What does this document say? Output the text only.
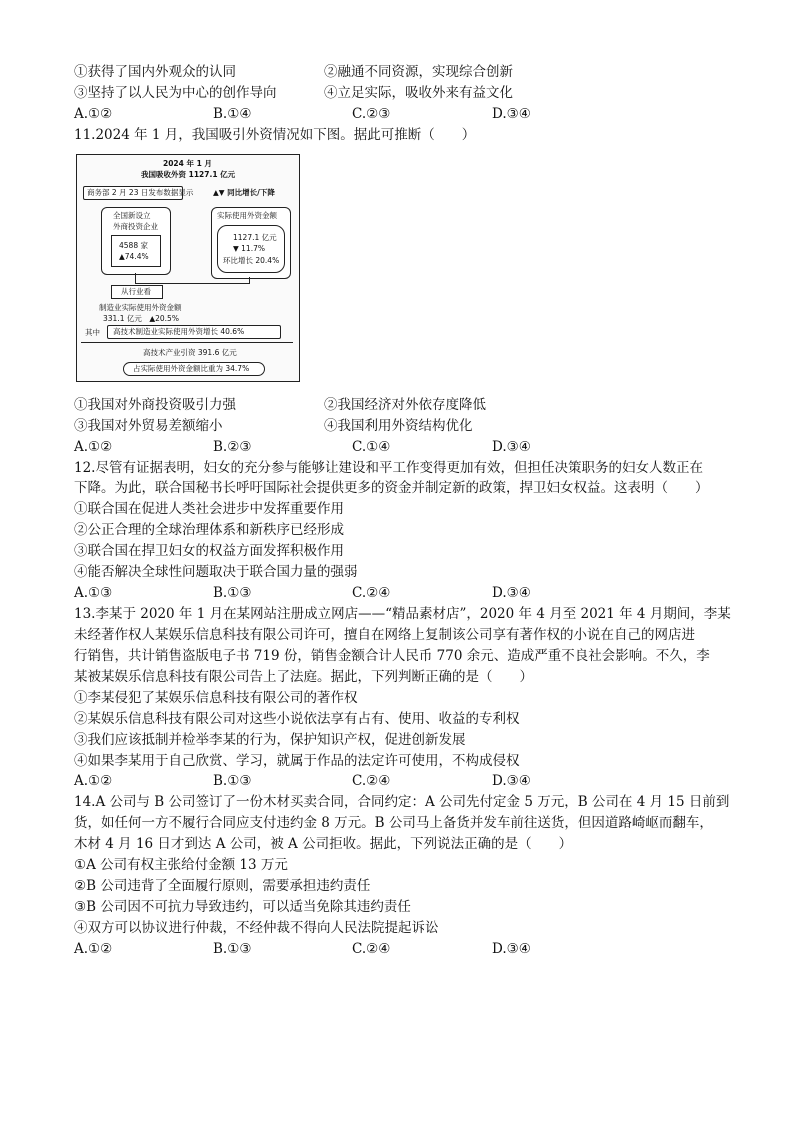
①获得了国内外观众的认同	②融通不同资源，实现综合创新
③坚持了以人民为中心的创作导向	④立足实际，吸收外来有益文化
A.①②	B.①④	C.②③	D.③④
11.2024 年 1 月，我国吸引外资情况如下图。据此可推断（　　）
2024 年 1 月
我国吸收外资 1127.1 亿元
商务部 2 月 23 日发布数据显示	▲▼ 同比增长/下降
全国新设立
外商投资企业
4588 家
▲74.4%
实际使用外资金额
1127.1 亿元
▼ 11.7%
环比增长 20.4%
从行业看
制造业实际使用外资金额
331.1 亿元　▲20.5%
其中 高技术制造业实际使用外资增长 40.6%
高技术产业引资 391.6 亿元
占实际使用外资金额比重为 34.7%
①我国对外商投资吸引力强	②我国经济对外依存度降低
③我国对外贸易差额缩小	④我国利用外资结构优化
A.①②	B.②③	C.①④	D.③④
12.尽管有证据表明，妇女的充分参与能够让建设和平工作变得更加有效，但担任决策职务的妇女人数正在
下降。为此，联合国秘书长呼吁国际社会提供更多的资金并制定新的政策，捍卫妇女权益。这表明（　　）
①联合国在促进人类社会进步中发挥重要作用
②公正合理的全球治理体系和新秩序已经形成
③联合国在捍卫妇女的权益方面发挥积极作用
④能否解决全球性问题取决于联合国力量的强弱
A.①③	B.①③	C.②④	D.③④
13.李某于 2020 年 1 月在某网站注册成立网店——“精品素材店”，2020 年 4 月至 2021 年 4 月期间，李某
未经著作权人某娱乐信息科技有限公司许可，擅自在网络上复制该公司享有著作权的小说在自己的网店进
行销售，共计销售盗版电子书 719 份，销售金额合计人民币 770 余元、造成严重不良社会影响。不久，李
某被某娱乐信息科技有限公司告上了法庭。据此，下列判断正确的是（　　）
①李某侵犯了某娱乐信息科技有限公司的著作权
②某娱乐信息科技有限公司对这些小说依法享有占有、使用、收益的专利权
③我们应该抵制并检举李某的行为，保护知识产权，促进创新发展
④如果李某用于自己欣赏、学习，就属于作品的法定许可使用，不构成侵权
A.①②	B.①③	C.②④	D.③④
14.A 公司与 B 公司签订了一份木材买卖合同，合同约定：A 公司先付定金 5 万元，B 公司在 4 月 15 日前到
货，如任何一方不履行合同应支付违约金 8 万元。B 公司马上备货并发车前往送货，但因道路崎岖而翻车，
木材 4 月 16 日才到达 A 公司，被 A 公司拒收。据此，下列说法正确的是（　　）
①A 公司有权主张给付金额 13 万元
②B 公司违背了全面履行原则，需要承担违约责任
③B 公司因不可抗力导致违约，可以适当免除其违约责任
④双方可以协议进行仲裁，不经仲裁不得向人民法院提起诉讼
A.①②	B.①③	C.②④	D.③④
